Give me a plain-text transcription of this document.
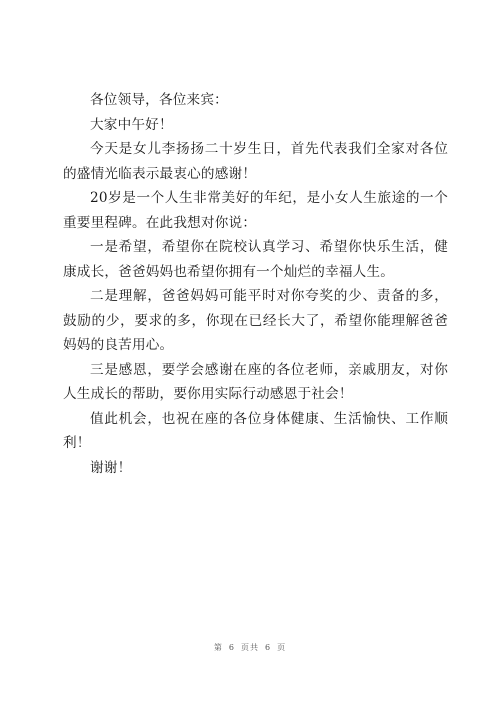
各位领导，各位来宾：

大家中午好！

今天是女儿李扬扬二十岁生日，首先代表我们全家对各位的盛情光临表示最衷心的感谢！

20岁是一个人生非常美好的年纪，是小女人生旅途的一个重要里程碑。在此我想对你说：

一是希望，希望你在院校认真学习、希望你快乐生活，健康成长，爸爸妈妈也希望你拥有一个灿烂的幸福人生。

二是理解，爸爸妈妈可能平时对你夸奖的少、责备的多，鼓励的少，要求的多，你现在已经长大了，希望你能理解爸爸妈妈的良苦用心。

三是感恩，要学会感谢在座的各位老师，亲戚朋友，对你人生成长的帮助，要你用实际行动感恩于社会！

值此机会，也祝在座的各位身体健康、生活愉快、工作顺利！

谢谢！

第 6 页共 6 页
